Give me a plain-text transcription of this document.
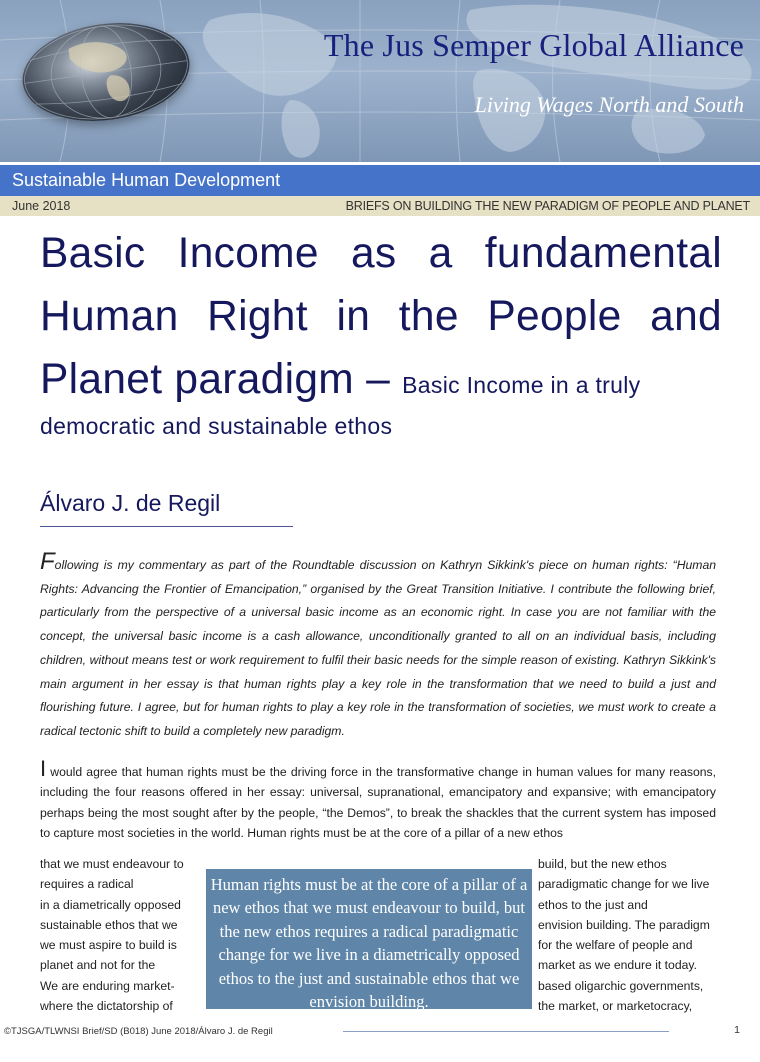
The Jus Semper Global Alliance
Living Wages North and South
Sustainable Human Development
June 2018	BRIEFS ON BUILDING THE NEW PARADIGM OF PEOPLE AND PLANET
Basic Income as a fundamental Human Right in the People and Planet paradigm – Basic Income in a truly
democratic and sustainable ethos
Álvaro J. de Regil
Following is my commentary as part of the Roundtable discussion on Kathryn Sikkink's piece on human rights: “Human Rights: Advancing the Frontier of Emancipation,” organised by the Great Transition Initiative. I contribute the following brief, particularly from the perspective of a universal basic income as an economic right. In case you are not familiar with the concept, the universal basic income is a cash allowance, unconditionally granted to all on an individual basis, including children, without means test or work requirement to fulfil their basic needs for the simple reason of existing. Kathryn Sikkink's main argument in her essay is that human rights play a key role in the transformation that we need to build a just and flourishing future. I agree, but for human rights to play a key role in the transformation of societies, we must work to create a radical tectonic shift to build a completely new paradigm.
I would agree that human rights must be the driving force in the transformative change in human values for many reasons, including the four reasons offered in her essay: universal, supranational, emancipatory and expansive; with emancipatory perhaps being the most sought after by the people, “the Demos”, to break the shackles that the current system has imposed to capture most societies in the world. Human rights must be at the core of a pillar of a new ethos
that we must endeavour to
requires a radical
in a diametrically opposed
sustainable ethos that we
we must aspire to build is
planet and not for the
We are enduring market-
where the dictatorship of
build, but the new ethos
paradigmatic change for we live
ethos to the just and
envision building. The paradigm
for the welfare of people and
market as we endure it today.
based oligarchic governments,
the market, or marketocracy,
Human rights must be at the core of a pillar of a new ethos that we must endeavour to build, but the new ethos requires a radical paradigmatic change for we live in a diametrically opposed ethos to the just and sustainable ethos that we envision building.
©TJSGA/TLWNSI Brief/SD (B018) June 2018/Álvaro J. de Regil	1
